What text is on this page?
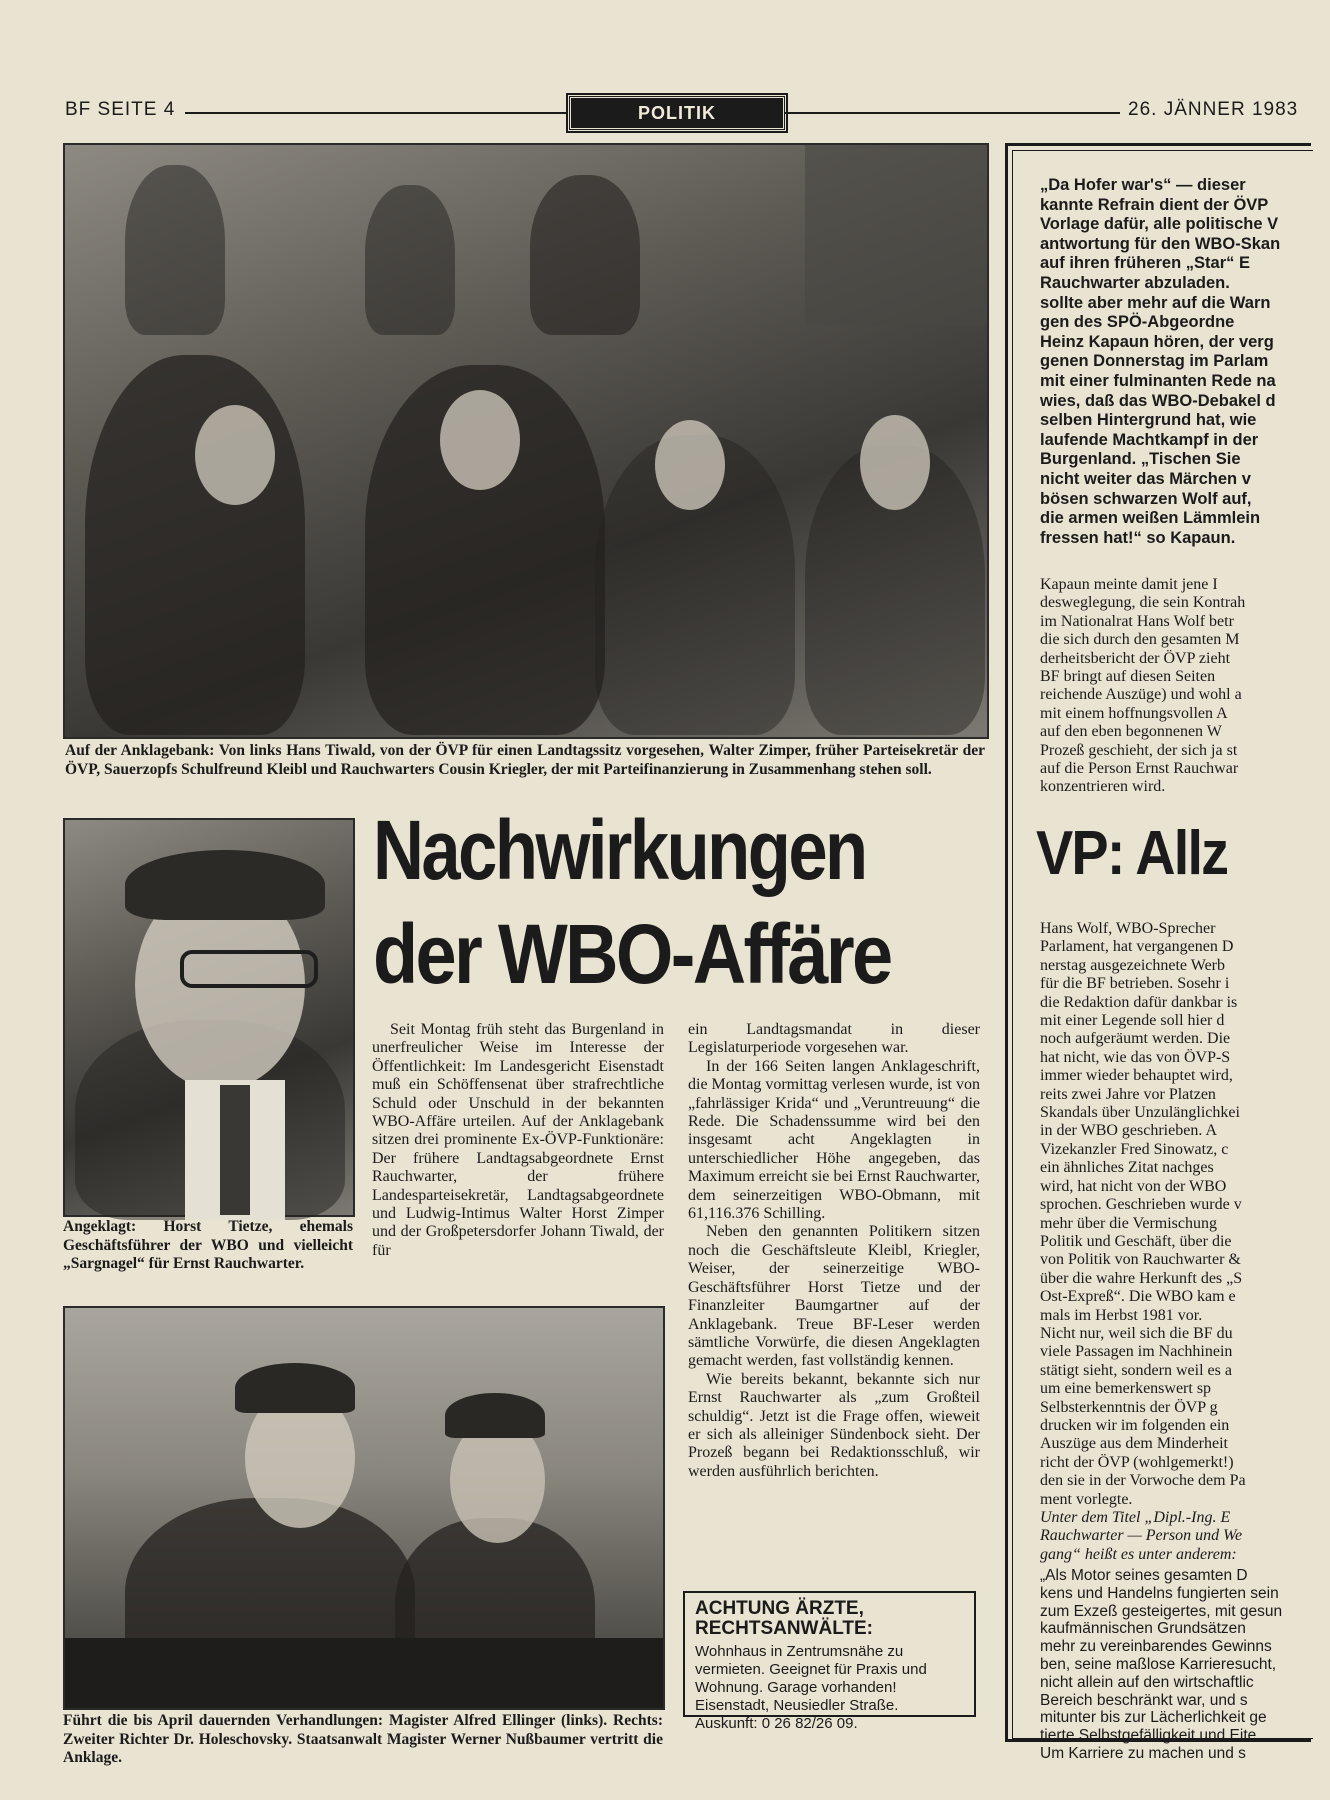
BF SEITE 4	POLITIK	26. JÄNNER 1983
Auf der Anklagebank: Von links Hans Tiwald, von der ÖVP für einen Landtagssitz vorgesehen, Walter Zimper, früher Parteisekretär der ÖVP, Sauerzopfs Schulfreund Kleibl und Rauchwarters Cousin Kriegler, der mit Parteifinanzierung in Zusammenhang stehen soll.
Angeklagt: Horst Tietze, ehemals Geschäftsführer der WBO und vielleicht „Sargnagel“ für Ernst Rauchwarter.
Führt die bis April dauernden Verhandlungen: Magister Alfred Ellinger (links). Rechts: Zweiter Richter Dr. Holeschovsky. Staatsanwalt Magister Werner Nußbaumer vertritt die Anklage.
Nachwirkungen
der WBO-Affäre

Seit Montag früh steht das Burgenland in unerfreulicher Weise im Interesse der Öffentlichkeit: Im Landesgericht Eisenstadt muß ein Schöffensenat über strafrechtliche Schuld oder Unschuld in der bekannten WBO-Affäre urteilen. Auf der Anklagebank sitzen drei prominente Ex-ÖVP-Funktionäre: Der frühere Landtagsabgeordnete Ernst Rauchwarter, der frühere Landesparteisekretär, Landtagsabgeordnete und Ludwig-Intimus Walter Horst Zimper und der Großpetersdorfer Johann Tiwald, der für

ein Landtagsmandat in dieser Legislaturperiode vorgesehen war.

In der 166 Seiten langen Anklageschrift, die Montag vormittag verlesen wurde, ist von „fahrlässiger Krida“ und „Veruntreuung“ die Rede. Die Schadenssumme wird bei den insgesamt acht Angeklagten in unterschiedlicher Höhe angegeben, das Maximum erreicht sie bei Ernst Rauchwarter, dem seinerzeitigen WBO-Obmann, mit 61,116.376 Schilling.

Neben den genannten Politikern sitzen noch die Geschäftsleute Kleibl, Kriegler, Weiser, der seinerzeitige WBO-Geschäftsführer Horst Tietze und der Finanzleiter Baumgartner auf der Anklagebank. Treue BF-Leser werden sämtliche Vorwürfe, die diesen Angeklagten gemacht werden, fast vollständig kennen.

Wie bereits bekannt, bekannte sich nur Ernst Rauchwarter als „zum Großteil schuldig“. Jetzt ist die Frage offen, wieweit er sich als alleiniger Sündenbock sieht. Der Prozeß begann bei Redaktionsschluß, wir werden ausführlich berichten.

ACHTUNG ÄRZTE,
RECHTSANWÄLTE:
Wohnhaus in Zentrumsnähe zu vermieten. Geeignet für Praxis und Wohnung. Garage vorhanden! Eisenstadt, Neusiedler Straße. Auskunft: 0 26 82/26 09.
„Da Hofer war's“ — dieser
kannte Refrain dient der ÖVP
Vorlage dafür, alle politische V
antwortung für den WBO-Skan
auf ihren früheren „Star“ E
Rauchwarter abzuladen.
sollte aber mehr auf die Warn
gen des SPÖ-Abgeordne
Heinz Kapaun hören, der verg
genen Donnerstag im Parlam
mit einer fulminanten Rede na
wies, daß das WBO-Debakel d
selben Hintergrund hat, wie
laufende Machtkampf in der
Burgenland. „Tischen Sie
nicht weiter das Märchen v
bösen schwarzen Wolf auf,
die armen weißen Lämmlein
fressen hat!“ so Kapaun.
Kapaun meinte damit jene I
desweglegung, die sein Kontrah
im Nationalrat Hans Wolf betr
die sich durch den gesamten M
derheitsbericht der ÖVP zieht
BF bringt auf diesen Seiten
reichende Auszüge) und wohl a
mit einem hoffnungsvollen A
auf den eben begonnenen W
Prozeß geschieht, der sich ja st
auf die Person Ernst Rauchwar
konzentrieren wird.
VP: Allz
Hans Wolf, WBO-Sprecher
Parlament, hat vergangenen D
nerstag ausgezeichnete Werb
für die BF betrieben. Sosehr i
die Redaktion dafür dankbar is
mit einer Legende soll hier d
noch aufgeräumt werden. Die
hat nicht, wie das von ÖVP-S
immer wieder behauptet wird,
reits zwei Jahre vor Platzen
Skandals über Unzulänglichkei
in der WBO geschrieben. A
Vizekanzler Fred Sinowatz, c
ein ähnliches Zitat nachges
wird, hat nicht von der WBO
sprochen. Geschrieben wurde v
mehr über die Vermischung
Politik und Geschäft, über die
von Politik von Rauchwarter &
über die wahre Herkunft des „S
Ost-Expreß“. Die WBO kam e
mals im Herbst 1981 vor.
Nicht nur, weil sich die BF du
viele Passagen im Nachhinein
stätigt sieht, sondern weil es a
um eine bemerkenswert sp
Selbsterkenntnis der ÖVP g
drucken wir im folgenden ein
Auszüge aus dem Minderheit
richt der ÖVP (wohlgemerkt!)
den sie in der Vorwoche dem Pa
ment vorlegte.
Unter dem Titel „Dipl.-Ing. E
Rauchwarter — Person und We
gang“ heißt es unter anderem:
„Als Motor seines gesamten D
kens und Handelns fungierten sein
zum Exzeß gesteigertes, mit gesun
kaufmännischen Grundsätzen
mehr zu vereinbarendes Gewinns
ben, seine maßlose Karrieresucht,
nicht allein auf den wirtschaftlic
Bereich beschränkt war, und s
mitunter bis zur Lächerlichkeit ge
tierte Selbstgefälligkeit und Eite
Um Karriere zu machen und s
